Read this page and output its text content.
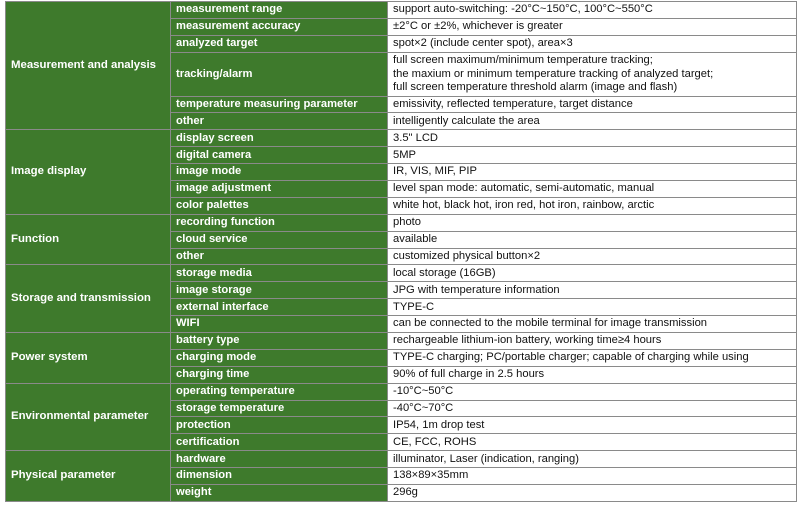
Measurement and analysis	measurement range	support auto-switching: -20°C~150°C, 100°C~550°C

	measurement accuracy	±2°C or ±2%, whichever is greater

	analyzed target	spot×2 (include center spot), area×3

	tracking/alarm	full screen maximum/minimum temperature tracking;
the maxium or minimum temperature tracking of analyzed target;
full screen temperature threshold alarm (image and flash)

	temperature measuring parameter	emissivity, reflected temperature, target distance

	other	intelligently calculate the area

Image display	display screen	3.5" LCD

	digital camera	5MP

	image mode	IR, VIS, MIF, PIP

	image adjustment	level span mode: automatic, semi-automatic, manual

	color palettes	white hot, black hot, iron red, hot iron, rainbow, arctic

Function	recording function	photo

	cloud service	available

	other	customized physical button×2

Storage and transmission	storage media	local storage (16GB)

	image storage	JPG with temperature information

	external interface	TYPE-C

	WIFI	can be connected to the mobile terminal for image transmission

Power system	battery type	rechargeable lithium-ion battery, working time≥4 hours

	charging mode	TYPE-C charging; PC/portable charger; capable of charging while using

	charging time	90% of full charge in 2.5 hours

Environmental parameter	operating temperature	-10°C~50°C

	storage temperature	-40°C~70°C

	protection	IP54, 1m drop test

	certification	CE, FCC, ROHS

Physical parameter	hardware	illuminator, Laser (indication, ranging)

	dimension	138×89×35mm

	weight	296g
